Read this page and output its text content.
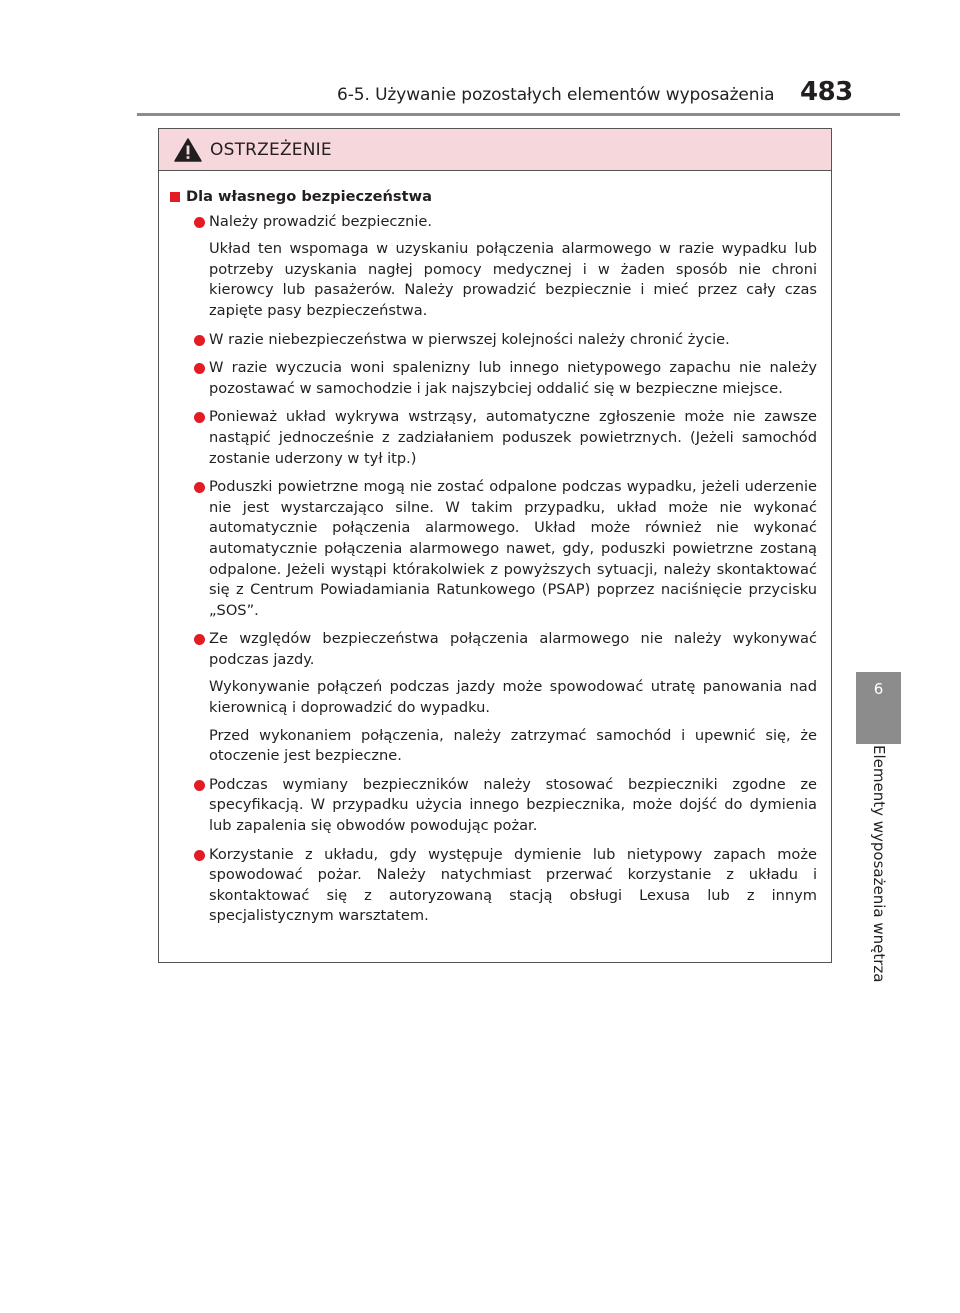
6-5. Używanie pozostałych elementów wyposażenia 483
6
Elementy wyposażenia wnętrza
OSTRZEŻENIE
Dla własnego bezpieczeństwa
Należy prowadzić bezpiecznie.
Układ ten wspomaga w uzyskaniu połączenia alarmowego w razie wypadku lub potrzeby uzyskania nagłej pomocy medycznej i w żaden sposób nie chroni kierowcy lub pasażerów. Należy prowadzić bezpiecznie i mieć przez cały czas zapięte pasy bezpieczeństwa.
W razie niebezpieczeństwa w pierwszej kolejności należy chronić życie.
W razie wyczucia woni spalenizny lub innego nietypowego zapachu nie należy pozostawać w samochodzie i jak najszybciej oddalić się w bezpieczne miejsce.
Ponieważ układ wykrywa wstrząsy, automatyczne zgłoszenie może nie zawsze nastąpić jednocześnie z zadziałaniem poduszek powietrznych. (Jeżeli samochód zostanie uderzony w tył itp.)
Poduszki powietrzne mogą nie zostać odpalone podczas wypadku, jeżeli uderzenie nie jest wystarczająco silne. W takim przypadku, układ może nie wykonać automatycznie połączenia alarmowego. Układ może również nie wykonać automatycznie połączenia alarmowego nawet, gdy, poduszki powietrzne zostaną odpalone. Jeżeli wystąpi którakolwiek z powyższych sytuacji, należy skontaktować się z Centrum Powiadamiania Ratunkowego (PSAP) poprzez naciśnięcie przycisku „SOS”.
Ze względów bezpieczeństwa połączenia alarmowego nie należy wykonywać podczas jazdy.
Wykonywanie połączeń podczas jazdy może spowodować utratę panowania nad kierownicą i doprowadzić do wypadku.
Przed wykonaniem połączenia, należy zatrzymać samochód i upewnić się, że otoczenie jest bezpieczne.
Podczas wymiany bezpieczników należy stosować bezpieczniki zgodne ze specyfikacją. W przypadku użycia innego bezpiecznika, może dojść do dymienia lub zapalenia się obwodów powodując pożar.
Korzystanie z układu, gdy występuje dymienie lub nietypowy zapach może spowodować pożar. Należy natychmiast przerwać korzystanie z układu i skontaktować się z autoryzowaną stacją obsługi Lexusa lub z innym specjalistycznym warsztatem.
